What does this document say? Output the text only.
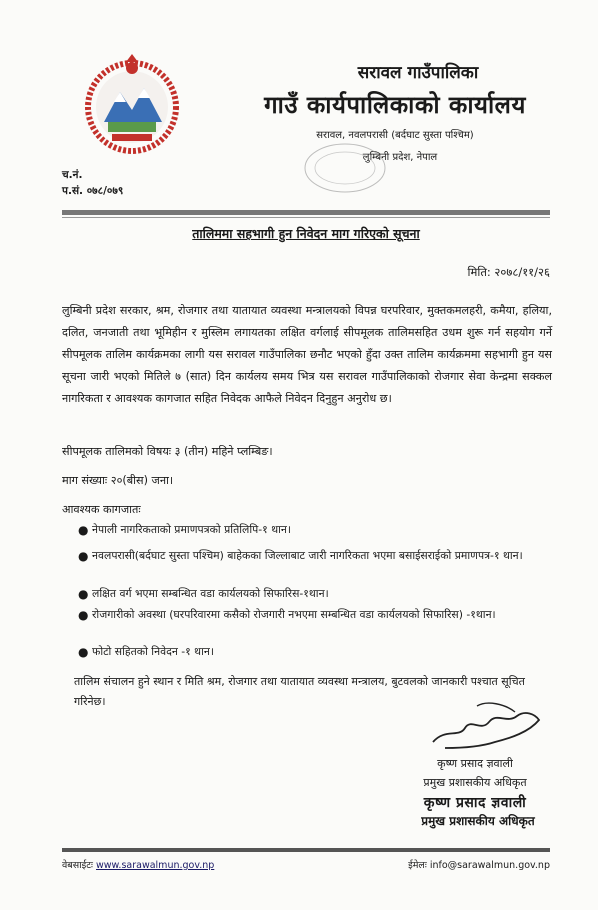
सरावल गाउँपालिका
गाउँ कार्यपालिकाको कार्यालय
सरावल, नवलपरासी (बर्दघाट सुस्ता पश्चिम)
लुम्बिनी प्रदेश, नेपाल
च.नं.
प.सं. ०७८/०७९
तालिममा सहभागी हुन निवेदन माग गरिएको सूचना
मिति: २०७८/११/२६
लुम्बिनी प्रदेश सरकार, श्रम, रोजगार तथा यातायात व्यवस्था मन्त्रालयको विपन्न घरपरिवार, मुक्तकमलहरी, कमैया, हलिया, दलित, जनजाती तथा भूमिहीन र मुस्लिम लगायतका लक्षित वर्गलाई सीपमूलक तालिमसहित उधम शुरू गर्न सहयोग गर्ने सीपमूलक तालिम कार्यक्रमका लागी यस सरावल गाउँपालिका छनौट भएको हुँदा उक्त तालिम कार्यक्रममा सहभागी हुन यस सूचना जारी भएको मितिले ७ (सात) दिन कार्यलय समय भित्र यस सरावल गाउँपालिकाको रोजगार सेवा केन्द्रमा सक्कल नागरिकता र आवश्यक कागजात सहित निवेदक आफैले निवेदन दिनुहुन अनुरोध छ।
सीपमूलक तालिमको विषयः ३ (तीन) महिने प्लम्बिङ।
माग संख्याः २०(बीस) जना।
आवश्यक कागजातः
● नेपाली नागरिकताको प्रमाणपत्रको प्रतिलिपि-१ थान।
● नवलपरासी(बर्दघाट सुस्ता पश्चिम) बाहेकका जिल्लाबाट जारी नागरिकता भएमा बसाईसराईको प्रमाणपत्र-१ थान।
● लक्षित वर्ग भएमा सम्बन्धित वडा कार्यलयको सिफारिस-१थान।
● रोजगारीको अवस्था (घरपरिवारमा कसैको रोजगारी नभएमा सम्बन्धित वडा कार्यलयको सिफारिस) -१थान।
● फोटो सहितको निवेदन -१ थान।
तालिम संचालन हुने स्थान र मिति श्रम, रोजगार तथा यातायात व्यवस्था मन्त्रालय, बुटवलको जानकारी पश्चात सूचित गरिनेछ।
कृष्ण प्रसाद ज्ञवाली
प्रमुख प्रशासकीय अधिकृत
कृष्ण प्रसाद ज्ञवाली
प्रमुख प्रशासकीय अधिकृत
वेबसाईटः www.sarawalmun.gov.np	ईमेलः info@sarawalmun.gov.np
